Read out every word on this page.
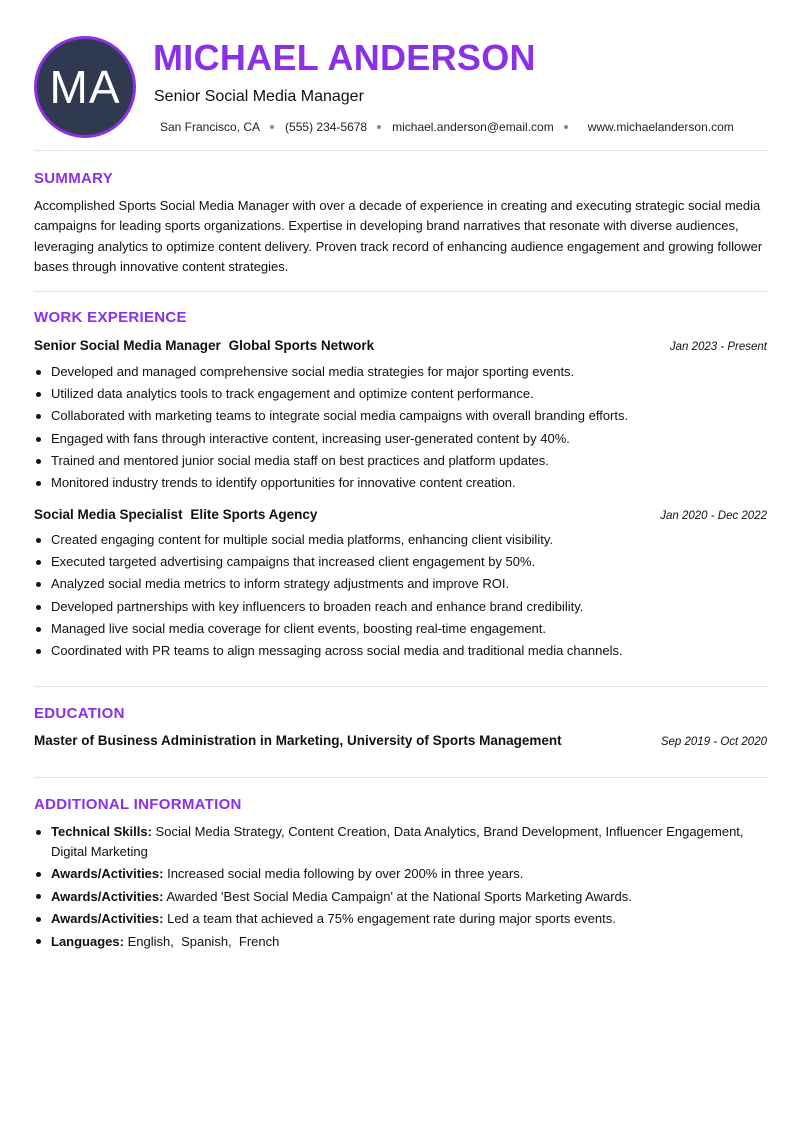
MA
MICHAEL ANDERSON
Senior Social Media Manager
San Francisco, CA (555) 234-5678 michael.anderson@email.com	www.michaelanderson.com
SUMMARY

Accomplished Sports Social Media Manager with over a decade of experience in creating and executing strategic social media campaigns for leading sports organizations. Expertise in developing brand narratives that resonate with diverse audiences, leveraging analytics to optimize content delivery. Proven track record of enhancing audience engagement and growing follower bases through innovative content strategies.

WORK EXPERIENCE
Senior Social Media Manager Global Sports Network	Jan 2023 - Present
Developed and managed comprehensive social media strategies for major sporting events.
Utilized data analytics tools to track engagement and optimize content performance.
Collaborated with marketing teams to integrate social media campaigns with overall branding efforts.
Engaged with fans through interactive content, increasing user-generated content by 40%.
Trained and mentored junior social media staff on best practices and platform updates.
Monitored industry trends to identify opportunities for innovative content creation.
Social Media Specialist Elite Sports Agency	Jan 2020 - Dec 2022
Created engaging content for multiple social media platforms, enhancing client visibility.
Executed targeted advertising campaigns that increased client engagement by 50%.
Analyzed social media metrics to inform strategy adjustments and improve ROI.
Developed partnerships with key influencers to broaden reach and enhance brand credibility.
Managed live social media coverage for client events, boosting real-time engagement.
Coordinated with PR teams to align messaging across social media and traditional media channels.
EDUCATION
Master of Business Administration in Marketing, University of Sports Management	Sep 2019 - Oct 2020
ADDITIONAL INFORMATION
Technical Skills: Social Media Strategy, Content Creation, Data Analytics, Brand Development, Influencer Engagement, Digital Marketing
Awards/Activities: Increased social media following by over 200% in three years.
Awards/Activities: Awarded 'Best Social Media Campaign' at the National Sports Marketing Awards.
Awards/Activities: Led a team that achieved a 75% engagement rate during major sports events.
Languages: English,  Spanish,  French
